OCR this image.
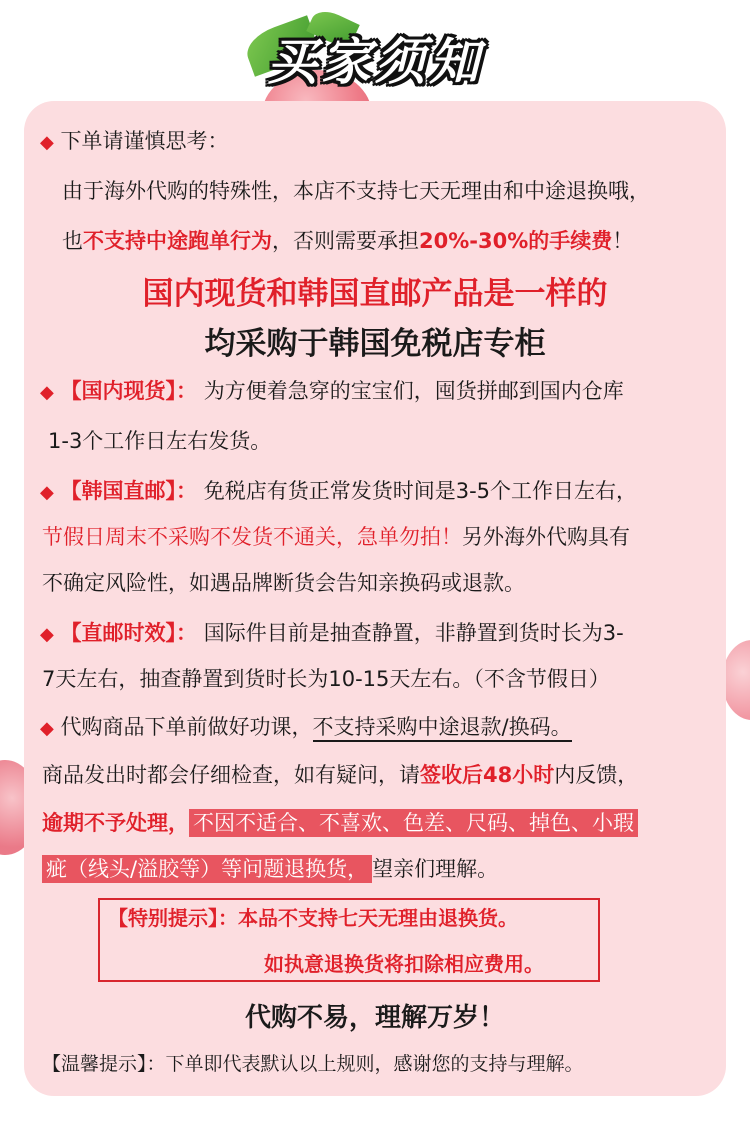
买家须知
◆ 下单请谨慎思考：
由于海外代购的特殊性，本店不支持七天无理由和中途退换哦，
也不支持中途跑单行为，否则需要承担20%-30%的手续费！
国内现货和韩国直邮产品是一样的
均采购于韩国免税店专柜
◆ 【国内现货】： 为方便着急穿的宝宝们，囤货拼邮到国内仓库
1-3个工作日左右发货。
◆ 【韩国直邮】： 免税店有货正常发货时间是3-5个工作日左右，
节假日周末不采购不发货不通关，急单勿拍！另外海外代购具有
不确定风险性，如遇品牌断货会告知亲换码或退款。
◆ 【直邮时效】： 国际件目前是抽查静置，非静置到货时长为3-
7天左右，抽查静置到货时长为10-15天左右。（不含节假日）
◆ 代购商品下单前做好功课，不支持采购中途退款/换码。
商品发出时都会仔细检查，如有疑问，请签收后48小时内反馈，
逾期不予处理， 不因不适合、不喜欢、色差、尺码、掉色、小瑕
疵（线头/溢胶等）等问题退换货， 望亲们理解。
【特别提示】：本品不支持七天无理由退换货。
如执意退换货将扣除相应费用。
代购不易，理解万岁！
【温馨提示】：下单即代表默认以上规则，感谢您的支持与理解。
